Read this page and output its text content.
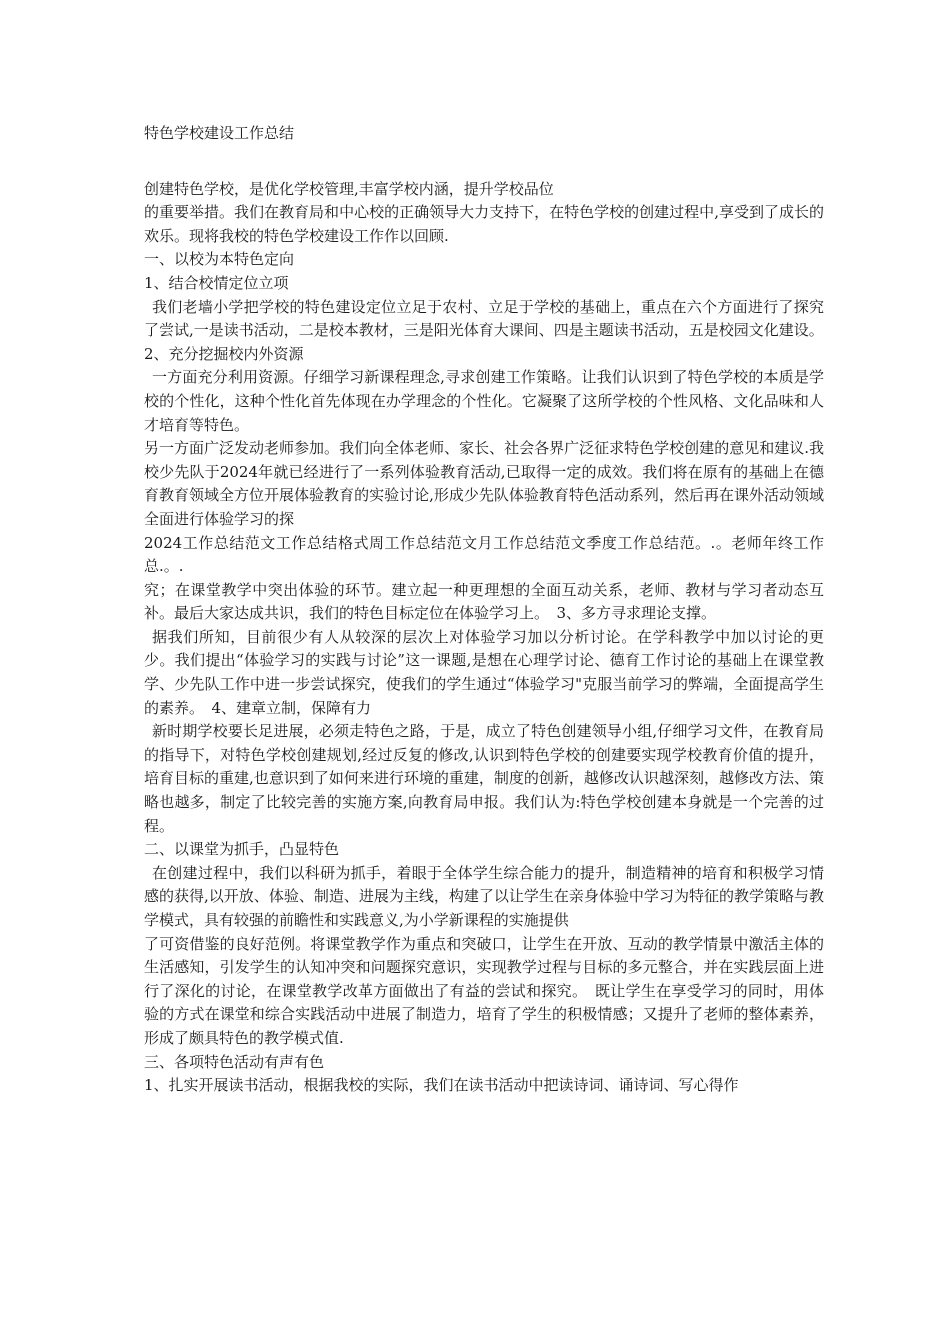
特色学校建设工作总结
创建特色学校，是优化学校管理,丰富学校内涵，提升学校品位
的重要举措。我们在教育局和中心校的正确领导大力支持下，在特色学校的创建过程中,享受到了成长的欢乐。现将我校的特色学校建设工作作以回顾.
一、以校为本特色定向
1、结合校情定位立项
我们老墙小学把学校的特色建设定位立足于农村、立足于学校的基础上，重点在六个方面进行了探究了尝试,一是读书活动，二是校本教材，三是阳光体育大课间、四是主题读书活动，五是校园文化建设。
2、充分挖掘校内外资源
一方面充分利用资源。仔细学习新课程理念,寻求创建工作策略。让我们认识到了特色学校的本质是学校的个性化，这种个性化首先体现在办学理念的个性化。它凝聚了这所学校的个性风格、文化品味和人才培育等特色。
另一方面广泛发动老师参加。我们向全体老师、家长、社会各界广泛征求特色学校创建的意见和建议.我校少先队于2024年就已经进行了一系列体验教育活动,已取得一定的成效。我们将在原有的基础上在德育教育领域全方位开展体验教育的实验讨论,形成少先队体验教育特色活动系列，然后再在课外活动领域全面进行体验学习的探
2024工作总结范文工作总结格式周工作总结范文月工作总结范文季度工作总结范。.。老师年终工作总.。.
究；在课堂教学中突出体验的环节。建立起一种更理想的全面互动关系，老师、教材与学习者动态互补。最后大家达成共识，我们的特色目标定位在体验学习上。　3、多方寻求理论支撑。
据我们所知，目前很少有人从较深的层次上对体验学习加以分析讨论。在学科教学中加以讨论的更少。我们提出“体验学习的实践与讨论”这一课题,是想在心理学讨论、德育工作讨论的基础上在课堂教学、少先队工作中进一步尝试探究，使我们的学生通过“体验学习"克服当前学习的弊端，全面提高学生的素养。　4、建章立制，保障有力
新时期学校要长足进展，必须走特色之路，于是，成立了特色创建领导小组,仔细学习文件，在教育局的指导下，对特色学校创建规划,经过反复的修改,认识到特色学校的创建要实现学校教育价值的提升，培育目标的重建,也意识到了如何来进行环境的重建，制度的创新，越修改认识越深刻，越修改方法、策略也越多，制定了比较完善的实施方案,向教育局申报。我们认为:特色学校创建本身就是一个完善的过程。
二、以课堂为抓手，凸显特色
在创建过程中，我们以科研为抓手，着眼于全体学生综合能力的提升，制造精神的培育和积极学习情感的获得,以开放、体验、制造、进展为主线，构建了以让学生在亲身体验中学习为特征的教学策略与教学模式，具有较强的前瞻性和实践意义,为小学新课程的实施提供
了可资借鉴的良好范例。将课堂教学作为重点和突破口，让学生在开放、互动的教学情景中激活主体的生活感知，引发学生的认知冲突和问题探究意识，实现教学过程与目标的多元整合，并在实践层面上进行了深化的讨论，在课堂教学改革方面做出了有益的尝试和探究。　既让学生在享受学习的同时，用体验的方式在课堂和综合实践活动中进展了制造力，培育了学生的积极情感；又提升了老师的整体素养，形成了颇具特色的教学模式值.
三、各项特色活动有声有色
1、扎实开展读书活动，根据我校的实际，我们在读书活动中把读诗词、诵诗词、写心得作
